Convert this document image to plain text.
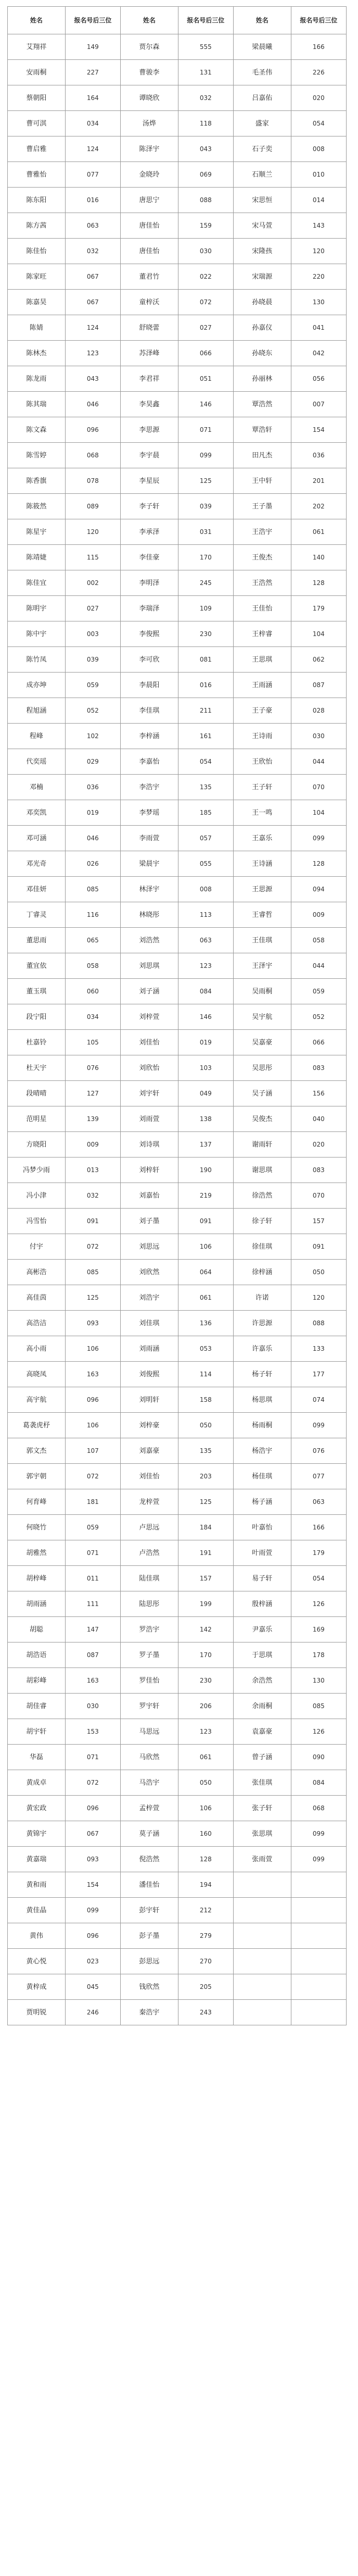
姓名	报名号后三位	姓名	报名号后三位	姓名	报名号后三位
艾翔祥	149	贾尔森	555	梁晨曦	166
安雨桐	227	曹骏李	131	毛圣伟	226
蔡朝阳	164	谭晓欣	032	吕嘉佑	020
曹可淇	034	汤烨	118	盛家	054
曹启雅	124	陈泽宇	043	石子奕	008
曹雅怡	077	金晓玲	069	石顺兰	010
陈东阳	016	唐思宁	088	宋思恒	014
陈方茜	063	唐佳怡	159	宋马萱	143
陈佳怡	032	唐佳怡	030	宋隆孩	120
陈家旺	067	董君竹	022	宋瑞源	220
陈嘉昊	067	童梓沃	072	孙晓晨	130
陈婧	124	舒晓蕾	027	孙嘉仪	041
陈林杰	123	苏泽峰	066	孙晓东	042
陈龙雨	043	李君祥	051	孙丽林	056
陈其瑞	046	李昊鑫	146	覃浩然	007
陈文森	096	李思源	071	覃浩轩	154
陈雪婷	068	李宇晨	099	田凡杰	036
陈香旗	078	李星辰	125	王中轩	201
陈筱然	089	李子轩	039	王子墨	202
陈星宇	120	李承泽	031	王浩宇	061
陈靖婕	115	李佳豪	170	王俊杰	140
陈佳宜	002	李明泽	245	王浩然	128
陈明宇	027	李瑞泽	109	王佳怡	179
陈中宇	003	李俊熙	230	王梓睿	104
陈竹凤	039	李可欣	081	王思琪	062
成亦坤	059	李晨阳	016	王雨涵	087
程旭涵	052	李佳琪	211	王子豪	028
程峰	102	李梓涵	161	王诗雨	030
代奕瑶	029	李嘉怡	054	王欣怡	044
邓楠	036	李浩宇	135	王子轩	070
邓奕凯	019	李梦瑶	185	王一鸣	104
邓可涵	046	李雨萱	057	王嘉乐	099
邓光奇	026	梁晨宇	055	王诗涵	128
邓佳妍	085	林泽宇	008	王思源	094
丁睿灵	116	林晓彤	113	王睿哲	009
董思雨	065	刘浩然	063	王佳琪	058
董宜依	058	刘思琪	123	王泽宇	044
董玉琪	060	刘子涵	084	吴雨桐	059
段宁阳	034	刘梓萱	146	吴宇航	052
杜嘉铃	105	刘佳怡	019	吴嘉豪	066
杜天宇	076	刘欣怡	103	吴思彤	083
段晴晴	127	刘宇轩	049	吴子涵	156
范明星	139	刘雨萱	138	吴俊杰	040
方晓阳	009	刘诗琪	137	谢雨轩	020
冯梦少雨	013	刘梓轩	190	谢思琪	083
冯小津	032	刘嘉怡	219	徐浩然	070
冯雪怡	091	刘子墨	091	徐子轩	157
付宇	072	刘思远	106	徐佳琪	091
高彬浩	085	刘欣然	064	徐梓涵	050
高佳茵	125	刘浩宇	061	许诺	120
高浩洁	093	刘佳琪	136	许思源	088
高小雨	106	刘雨涵	053	许嘉乐	133
高晓凤	163	刘俊熙	114	杨子轩	177
高宇航	096	刘明轩	158	杨思琪	074
葛袭虎杼	106	刘梓豪	050	杨雨桐	099
郭文杰	107	刘嘉豪	135	杨浩宇	076
郭宇朝	072	刘佳怡	203	杨佳琪	077
何育峰	181	龙梓萱	125	杨子涵	063
何晓竹	059	卢思远	184	叶嘉怡	166
胡雅然	071	卢浩然	191	叶雨萱	179
胡梓峰	011	陆佳琪	157	易子轩	054
胡雨涵	111	陆思彤	199	殷梓涵	126
胡聪	147	罗浩宇	142	尹嘉乐	169
胡浩语	087	罗子墨	170	于思琪	178
胡彩峰	163	罗佳怡	230	余浩然	130
胡佳睿	030	罗宇轩	206	余雨桐	085
胡宇轩	153	马思远	123	袁嘉豪	126
华磊	071	马欣然	061	曾子涵	090
黄成卓	072	马浩宇	050	张佳琪	084
黄宏政	096	孟梓萱	106	张子轩	068
黄锦宇	067	莫子涵	160	张思琪	099
黄嘉瑞	093	倪浩然	128	张雨萱	099
黄和雨	154	潘佳怡	194		
黄佳晶	099	彭宇轩	212		
黄伟	096	彭子墨	279		
黄心悦	023	彭思远	270		
黄梓成	045	钱欣然	205		
贾明锐	246	秦浩宇	243		
